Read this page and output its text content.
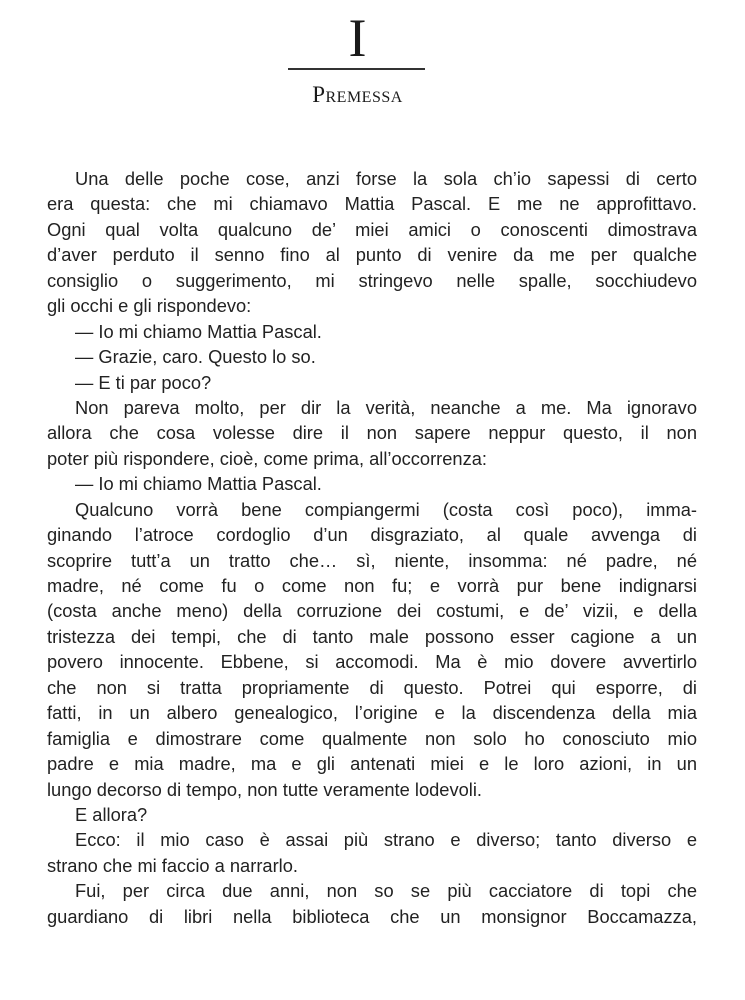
I
Premessa
Una delle poche cose, anzi forse la sola ch’io sapessi di certo
era questa: che mi chiamavo Mattia Pascal. E me ne approfittavo.
Ogni qual volta qualcuno de’ miei amici o conoscenti dimostrava
d’aver perduto il senno fino al punto di venire da me per qualche
consiglio o suggerimento, mi stringevo nelle spalle, socchiudevo
gli occhi e gli rispondevo:
— Io mi chiamo Mattia Pascal.
— Grazie, caro. Questo lo so.
— E ti par poco?
Non pareva molto, per dir la verità, neanche a me. Ma ignoravo
allora che cosa volesse dire il non sapere neppur questo, il non
poter più rispondere, cioè, come prima, all’occorrenza:
— Io mi chiamo Mattia Pascal.
Qualcuno vorrà bene compiangermi (costa così poco), imma-
ginando l’atroce cordoglio d’un disgraziato, al quale avvenga di
scoprire tutt’a un tratto che… sì, niente, insomma: né padre, né
madre, né come fu o come non fu; e vorrà pur bene indignarsi
(costa anche meno) della corruzione dei costumi, e de’ vizii, e della
tristezza dei tempi, che di tanto male possono esser cagione a un
povero innocente. Ebbene, si accomodi. Ma è mio dovere avvertirlo
che non si tratta propriamente di questo. Potrei qui esporre, di
fatti, in un albero genealogico, l’origine e la discendenza della mia
famiglia e dimostrare come qualmente non solo ho conosciuto mio
padre e mia madre, ma e gli antenati miei e le loro azioni, in un
lungo decorso di tempo, non tutte veramente lodevoli.
E allora?
Ecco: il mio caso è assai più strano e diverso; tanto diverso e
strano che mi faccio a narrarlo.
Fui, per circa due anni, non so se più cacciatore di topi che
guardiano di libri nella biblioteca che un monsignor Boccamazza,
